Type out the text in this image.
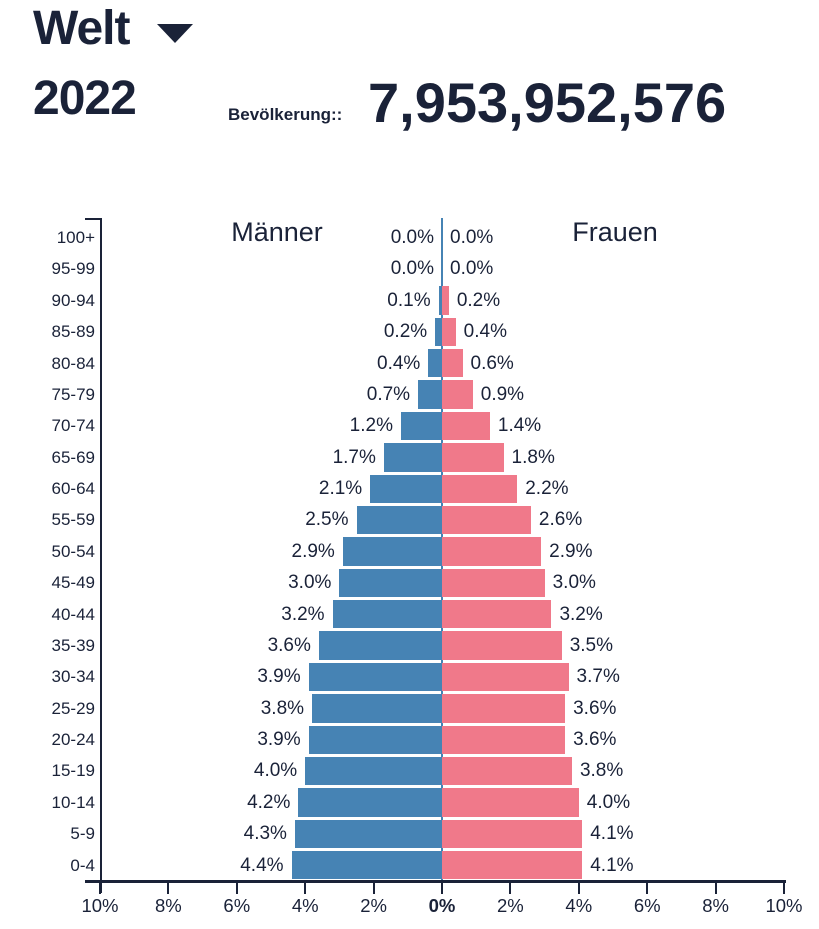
Welt
2022	Bevölkerung:: 7,953,952,576
Männer	Frauen
100+	0.0% 0.0%
95-99	0.0% 0.0%
90-94	0.1% 0.2%
85-89	0.2% 0.4%
80-84	0.4%	0.6%
75-79	0.7%	0.9%
70-74	1.2%	1.4%
65-69	1.7%	1.8%
60-64	2.1%	2.2%
55-59	2.5%	2.6%
50-54	2.9%	2.9%
45-49	3.0%	3.0%
40-44	3.2%	3.2%
35-39	3.6%	3.5%
30-34	3.9%	3.7%
25-29	3.8%	3.6%
20-24	3.9%	3.6%
15-19	4.0%	3.8%
10-14	4.2%	4.0%
5-9	4.3%	4.1%
0-4	4.4%	4.1%
10% 8% 6% 4% 2% 0% 2% 4% 6% 8% 10%
